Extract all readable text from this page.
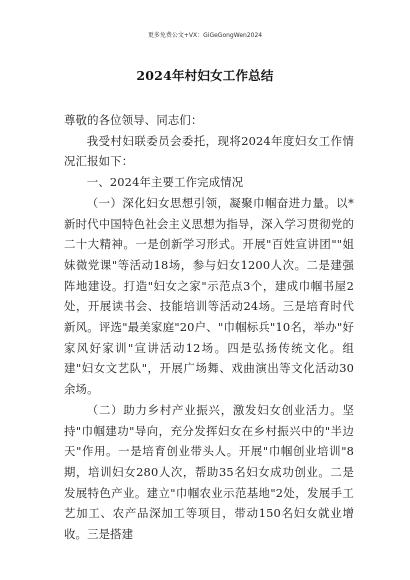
更多免费公文+VX：GiGeGongWen2024
2024年村妇女工作总结

尊敬的各位领导、同志们：

我受村妇联委员会委托，现将2024年度妇女工作情况汇报如下：

一、2024年主要工作完成情况

（一）深化妇女思想引领，凝聚巾帼奋进力量。以*新时代中国特色社会主义思想为指导，深入学习贯彻党的二十大精神。一是创新学习形式。开展"百姓宣讲团""姐妹微党课"等活动18场，参与妇女1200人次。二是建强阵地建设。打造"妇女之家"示范点3个，建成巾帼书屋2处，开展读书会、技能培训等活动24场。三是培育时代新风。评选"最美家庭"20户、"巾帼标兵"10名，举办"好家风好家训"宣讲活动12场。四是弘扬传统文化。组建"妇女文艺队"，开展广场舞、戏曲演出等文化活动30余场。

（二）助力乡村产业振兴，激发妇女创业活力。坚持"巾帼建功"导向，充分发挥妇女在乡村振兴中的"半边天"作用。一是培育创业带头人。开展"巾帼创业培训"8期，培训妇女280人次，帮助35名妇女成功创业。二是发展特色产业。建立"巾帼农业示范基地"2处，发展手工艺加工、农产品深加工等项目，带动150名妇女就业增收。三是搭建
